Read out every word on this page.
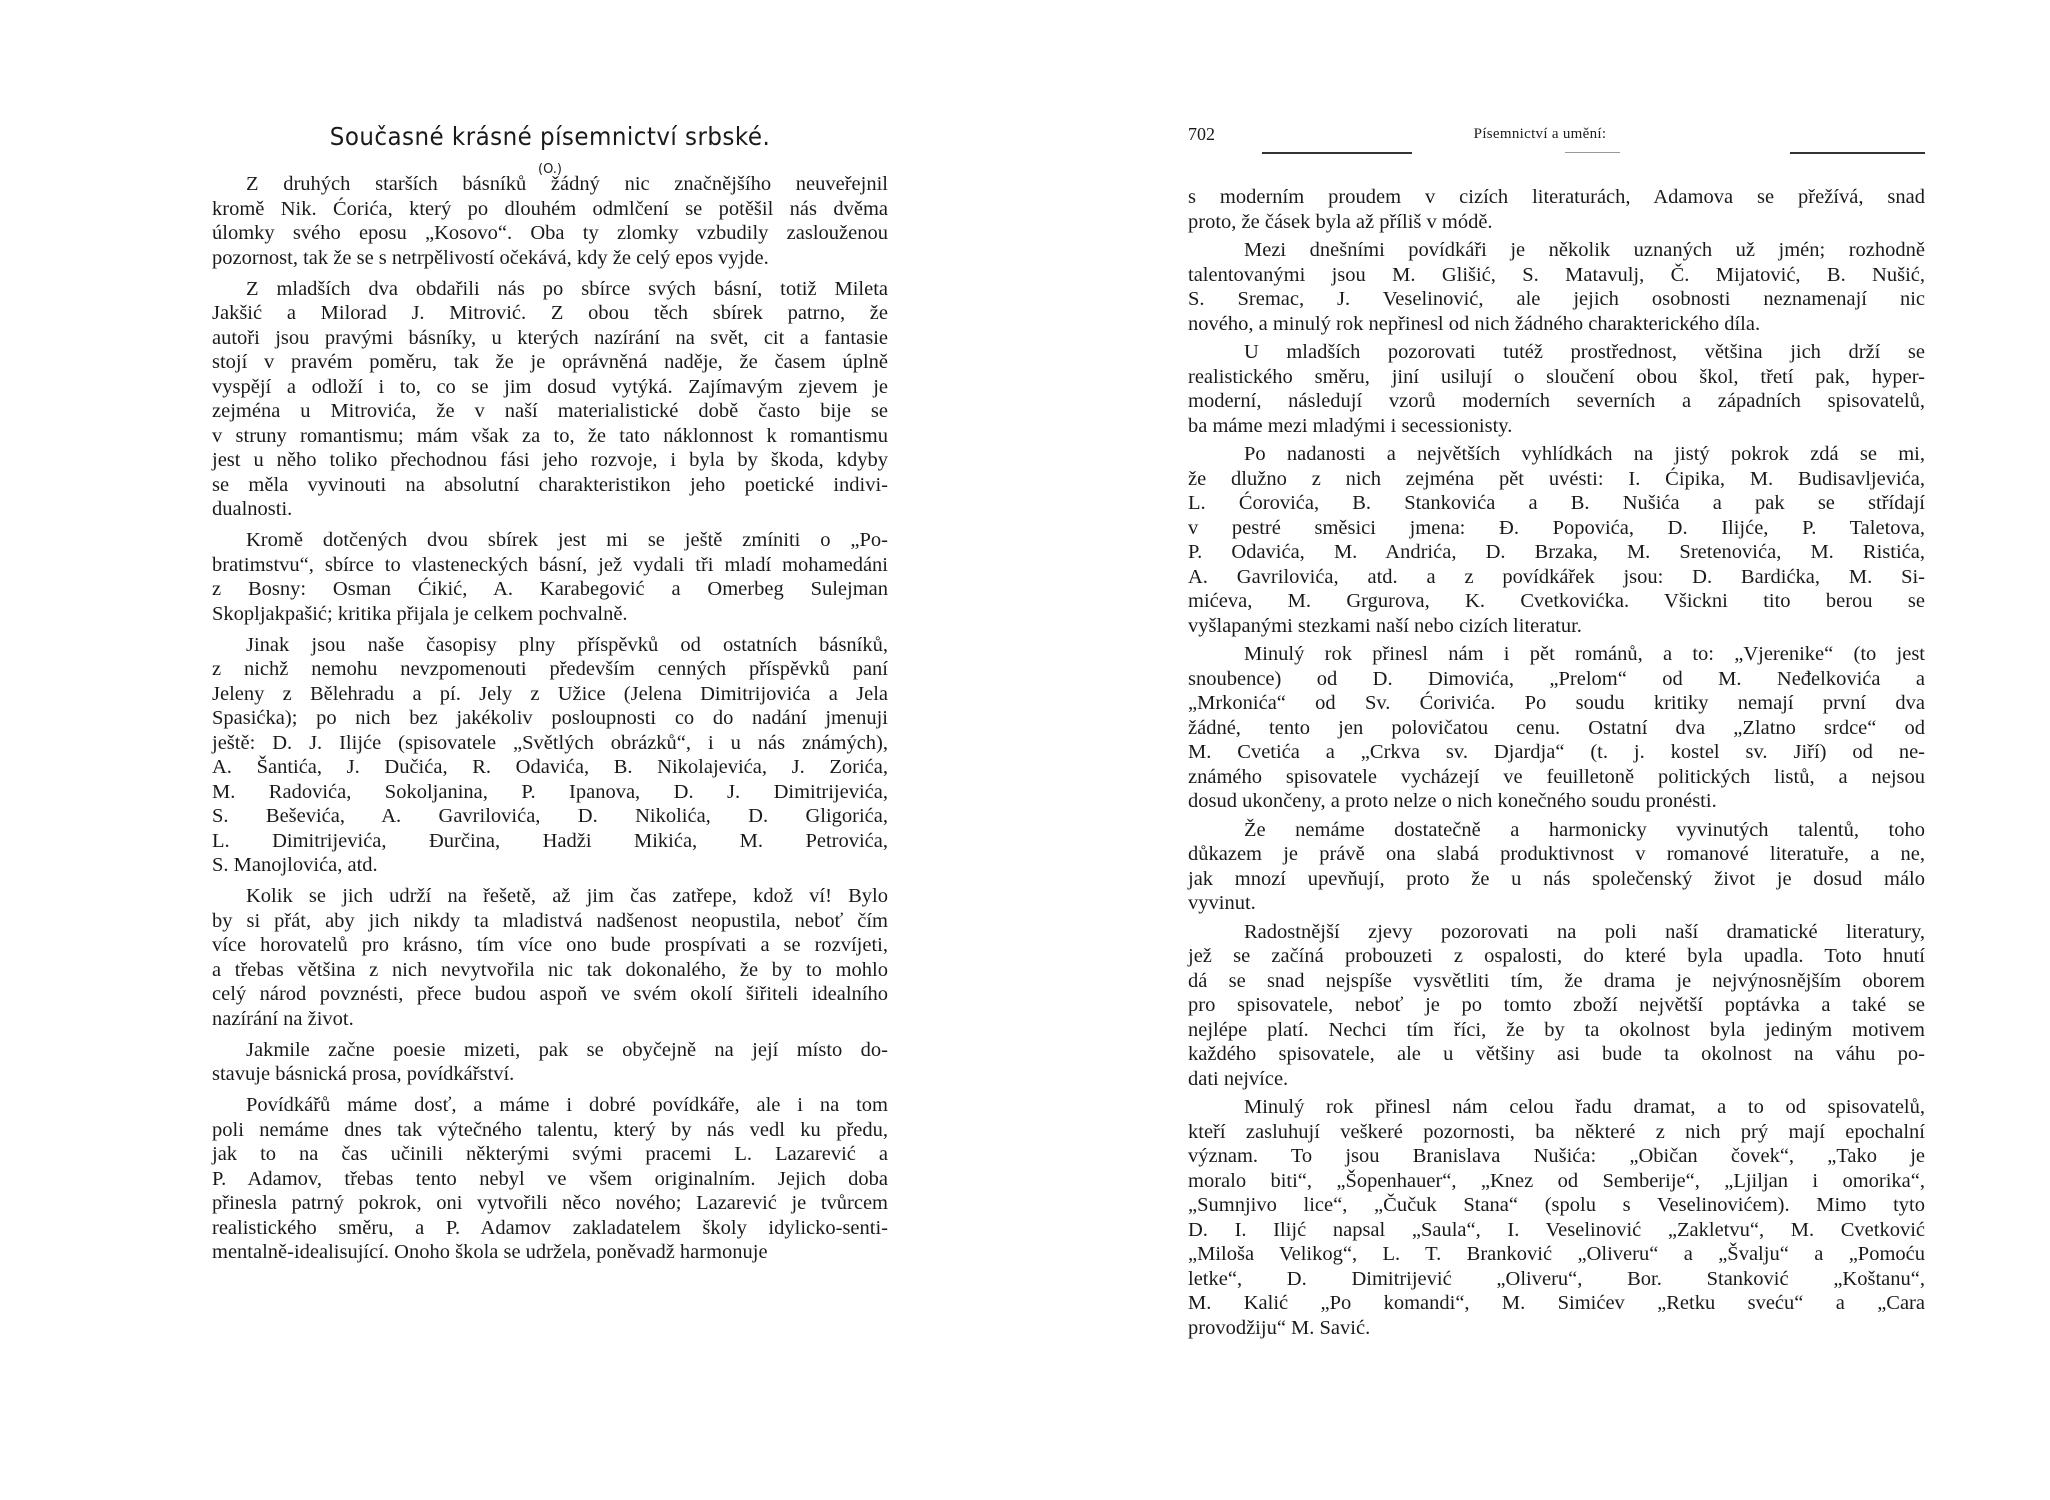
Současné krásné písemnictví srbské.
(O.)
Z druhých starších básníků žádný nic značnějšího neuveřejnil
kromě Nik. Ćorića, který po dlouhém odmlčení se potěšil nás dvěma
úlomky svého eposu „Kosovo“. Oba ty zlomky vzbudily zaslouženou
pozornost, tak že se s netrpělivostí očekává, kdy že celý epos vyjde.
Z mladších dva obdařili nás po sbírce svých básní, totiž Mileta
Jakšić a Milorad J. Mitrović. Z obou těch sbírek patrno, že
autoři jsou pravými básníky, u kterých nazírání na svět, cit a fantasie
stojí v pravém poměru, tak že je oprávněná naděje, že časem úplně
vyspějí a odloží i to, co se jim dosud vytýká. Zajímavým zjevem je
zejména u Mitrovića, že v naší materialistické době často bije se
v struny romantismu; mám však za to, že tato náklonnost k romantismu
jest u něho toliko přechodnou fási jeho rozvoje, i byla by škoda, kdyby
se měla vyvinouti na absolutní charakteristikon jeho poetické indivi-
dualnosti.
Kromě dotčených dvou sbírek jest mi se ještě zmíniti o „Po-
bratimstvu“, sbírce to vlasteneckých básní, jež vydali tři mladí mohamedáni
z Bosny: Osman Ćikić, A. Karabegović a Omerbeg Sulejman
Skopljakpašić; kritika přijala je celkem pochvalně.
Jinak jsou naše časopisy plny příspěvků od ostatních básníků,
z nichž nemohu nevzpomenouti především cenných příspěvků paní
Jeleny z Bělehradu a pí. Jely z Užice (Jelena Dimitrijovića a Jela
Spasićka); po nich bez jakékoliv posloupnosti co do nadání jmenuji
ještě: D. J. Ilijće (spisovatele „Světlých obrázků“, i u nás známých),
A. Šantića, J. Dučića, R. Odavića, B. Nikolajevića, J. Zorića,
M. Radovića, Sokoljanina, P. Ipanova, D. J. Dimitrijevića,
S. Beševića, A. Gavrilovića, D. Nikolića, D. Gligorića,
L. Dimitrijevića, Đurčina, Hadži Mikića, M. Petrovića,
S. Manojlovića, atd.
Kolik se jich udrží na řešetě, až jim čas zatřepe, kdož ví! Bylo
by si přát, aby jich nikdy ta mladistvá nadšenost neopustila, neboť čím
více horovatelů pro krásno, tím více ono bude prospívati a se rozvíjeti,
a třebas většina z nich nevytvořila nic tak dokonalého, že by to mohlo
celý národ povznésti, přece budou aspoň ve svém okolí šiřiteli idealního
nazírání na život.
Jakmile začne poesie mizeti, pak se obyčejně na její místo do-
stavuje básnická prosa, povídkářství.
Povídkářů máme dosť, a máme i dobré povídkáře, ale i na tom
poli nemáme dnes tak výtečného talentu, který by nás vedl ku předu,
jak to na čas učinili některými svými pracemi L. Lazarević a
P. Adamov, třebas tento nebyl ve všem originalním. Jejich doba
přinesla patrný pokrok, oni vytvořili něco nového; Lazarević je tvůrcem
realistického směru, a P. Adamov zakladatelem školy idylicko-senti-
mentalně-idealisující. Onoho škola se udržela, poněvadž harmonuje
702	Písemnictví a umění:
s moderním proudem v cizích literaturách, Adamova se přežívá, snad
proto, že čásek byla až příliš v módě.
Mezi dnešními povídkáři je několik uznaných už jmén; rozhodně
talentovanými jsou M. Glišić, S. Matavulj, Č. Mijatović, B. Nušić,
S. Sremac, J. Veselinović, ale jejich osobnosti neznamenají nic
nového, a minulý rok nepřinesl od nich žádného charakterického díla.
U mladších pozorovati tutéž prostřednost, většina jich drží se
realistického směru, jiní usilují o sloučení obou škol, třetí pak, hyper-
moderní, následují vzorů moderních severních a západních spisovatelů,
ba máme mezi mladými i secessionisty.
Po nadanosti a největších vyhlídkách na jistý pokrok zdá se mi,
že dlužno z nich zejména pět uvésti: I. Ćipika, M. Budisavljevića,
L. Ćorovića, B. Stankovića a B. Nušića a pak se střídají
v pestré směsici jmena: Đ. Popovića, D. Ilijće, P. Taletova,
P. Odavića, M. Andrića, D. Brzaka, M. Sretenovića, M. Ristića,
A. Gavrilovića, atd. a z povídkářek jsou: D. Bardićka, M. Si-
mićeva, M. Grgurova, K. Cvetkovićka. Všickni tito berou se
vyšlapanými stezkami naší nebo cizích literatur.
Minulý rok přinesl nám i pět románů, a to: „Vjerenike“ (to jest
snoubence) od D. Dimovića, „Prelom“ od M. Neđelkovića a
„Mrkonića“ od Sv. Ćorivića. Po soudu kritiky nemají první dva
žádné, tento jen polovičatou cenu. Ostatní dva „Zlatno srdce“ od
M. Cvetića a „Crkva sv. Djardja“ (t. j. kostel sv. Jiří) od ne-
známého spisovatele vycházejí ve feuilletoně politických listů, a nejsou
dosud ukončeny, a proto nelze o nich konečného soudu pronésti.
Že nemáme dostatečně a harmonicky vyvinutých talentů, toho
důkazem je právě ona slabá produktivnost v romanové literatuře, a ne,
jak mnozí upevňují, proto že u nás společenský život je dosud málo
vyvinut.
Radostnější zjevy pozorovati na poli naší dramatické literatury,
jež se začíná probouzeti z ospalosti, do které byla upadla. Toto hnutí
dá se snad nejspíše vysvětliti tím, že drama je nejvýnosnějším oborem
pro spisovatele, neboť je po tomto zboží největší poptávka a také se
nejlépe platí. Nechci tím říci, že by ta okolnost byla jediným motivem
každého spisovatele, ale u většiny asi bude ta okolnost na váhu po-
dati nejvíce.
Minulý rok přinesl nám celou řadu dramat, a to od spisovatelů,
kteří zasluhují veškeré pozornosti, ba některé z nich prý mají epochalní
význam. To jsou Branislava Nušića: „Običan čovek“, „Tako je
moralo biti“, „Šopenhauer“, „Knez od Semberije“, „Ljiljan i omorika“,
„Sumnjivo lice“, „Čučuk Stana“ (spolu s Veselinovićem). Mimo tyto
D. I. Ilijć napsal „Saula“, I. Veselinović „Zakletvu“, M. Cvetković
„Miloša Velikog“, L. T. Branković „Oliveru“ a „Švalju“ a „Pomoću
letke“, D. Dimitrijević „Oliveru“, Bor. Stanković „Koštanu“,
M. Kalić „Po komandi“, M. Simićev „Retku sveću“ a „Cara
provodžiju“ M. Savić.
